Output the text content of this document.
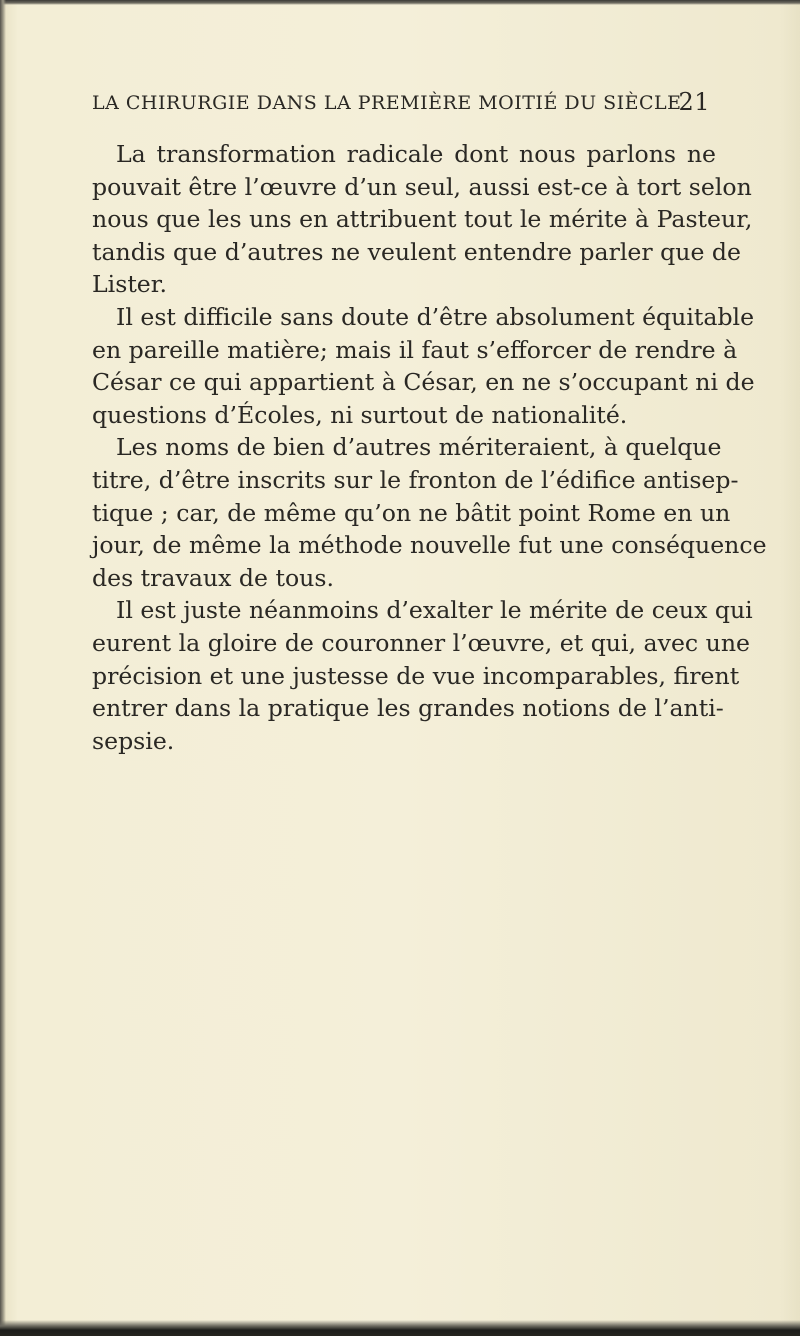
LA CHIRURGIE DANS LA PREMIÈRE MOITIÉ DU SIÈCLE
21
La transformation radicale dont nous parlons ne
pouvait être l’œuvre d’un seul, aussi est-ce à tort selon
nous que les uns en attribuent tout le mérite à Pasteur,
tandis que d’autres ne veulent entendre parler que de
Lister.
Il est difficile sans doute d’être absolument équitable
en pareille matière; mais il faut s’efforcer de rendre à
César ce qui appartient à César, en ne s’occupant ni de
questions d’Écoles, ni surtout de nationalité.
Les noms de bien d’autres mériteraient, à quelque
titre, d’être inscrits sur le fronton de l’édifice antisep-
tique ; car, de même qu’on ne bâtit point Rome en un
jour, de même la méthode nouvelle fut une conséquence
des travaux de tous.
Il est juste néanmoins d’exalter le mérite de ceux qui
eurent la gloire de couronner l’œuvre, et qui, avec une
précision et une justesse de vue incomparables, firent
entrer dans la pratique les grandes notions de l’anti-
sepsie.
